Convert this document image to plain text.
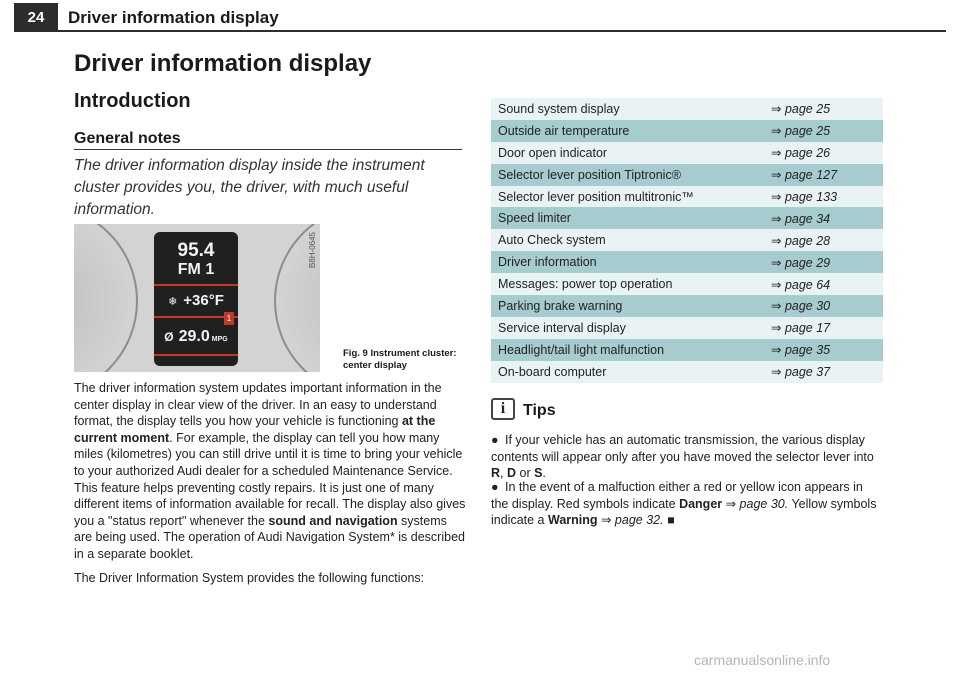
24	Driver information display
Driver information display
Introduction
General notes
The driver information display inside the instrument cluster provides you, the driver, with much useful information.
95.4
FM 1
❄ +36°F
1
Ø 29.0 MPG
B8H-0645
Fig. 9 Instrument cluster: center display
The driver information system updates important information in the center display in clear view of the driver. In an easy to understand format, the display tells you how your vehicle is functioning at the current moment. For example, the display can tell you how many miles (kilometres) you can still drive until it is time to bring your vehicle to your authorized Audi dealer for a scheduled Maintenance Service. This feature helps preventing costly repairs. It is just one of many different items of information available for recall. The display also gives you a "status report" whenever the sound and navigation systems are being used. The operation of Audi Navigation System* is described in a separate booklet.
The Driver Information System provides the following functions:
Sound system display	⇒ page 25
Outside air temperature	⇒ page 25
Door open indicator	⇒ page 26
Selector lever position Tiptronic®	⇒ page 127
Selector lever position multitronic™	⇒ page 133
Speed limiter	⇒ page 34
Auto Check system	⇒ page 28
Driver information	⇒ page 29
Messages: power top operation	⇒ page 64
Parking brake warning	⇒ page 30
Service interval display	⇒ page 17
Headlight/tail light malfunction	⇒ page 35
On-board computer	⇒ page 37
i	Tips
● If your vehicle has an automatic transmission, the various display contents will appear only after you have moved the selector lever into R, D or S.
● In the event of a malfuction either a red or yellow icon appears in the display. Red symbols indicate Danger ⇒ page 30. Yellow symbols indicate a Warning ⇒ page 32. ■
carmanualsonline.info
